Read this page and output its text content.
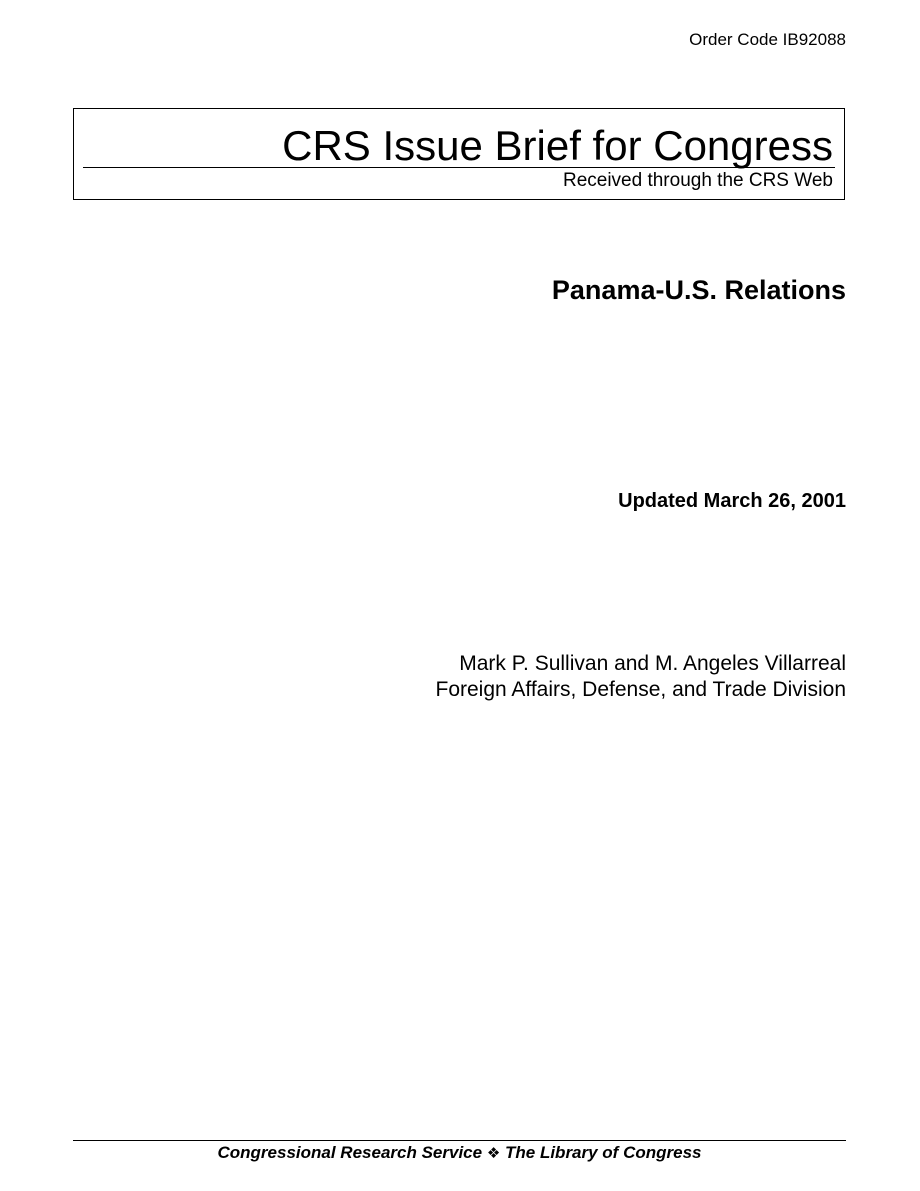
Order Code IB92088
CRS Issue Brief for Congress
Received through the CRS Web
Panama-U.S. Relations
Updated March 26, 2001
Mark P. Sullivan and M. Angeles Villarreal
Foreign Affairs, Defense, and Trade Division
Congressional Research Service ❖ The Library of Congress
